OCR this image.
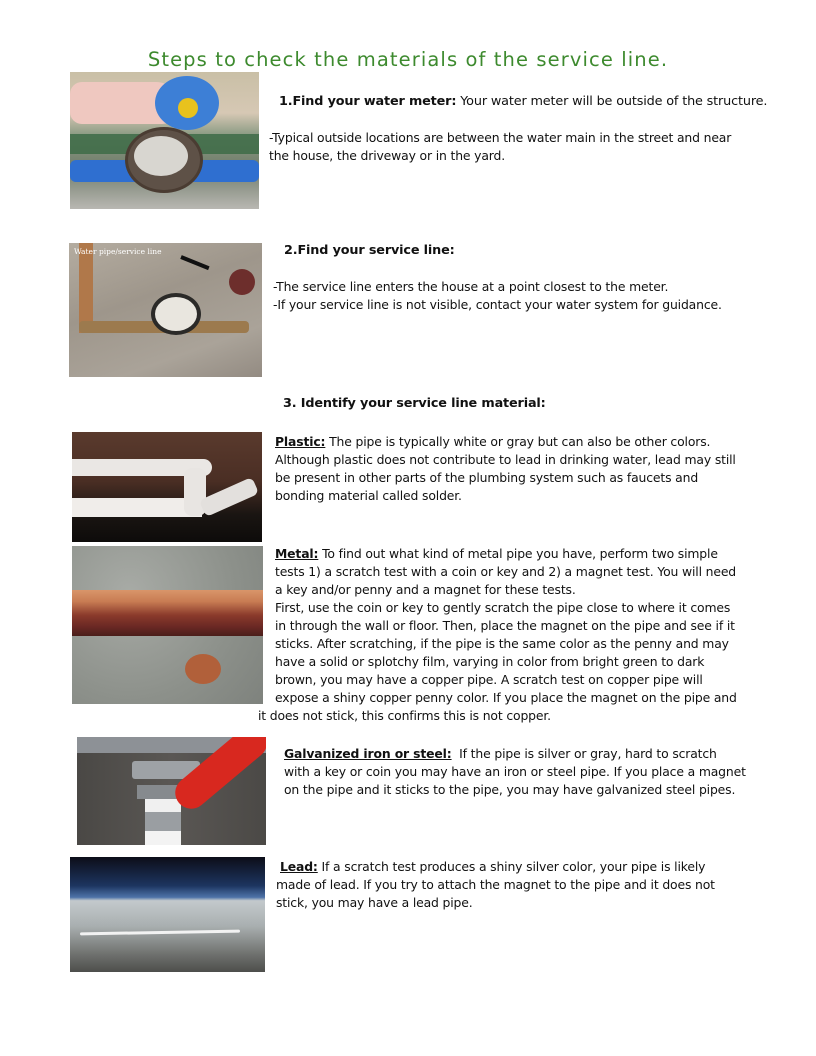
Steps to check the materials of the service line.
1.Find your water meter: Your water meter will be outside of the structure.
-Typical outside locations are between the water main in the street and near
the house, the driveway or in the yard.
Water pipe/service line	2.Find your service line:
-The service line enters the house at a point closest to the meter.
-If your service line is not visible, contact your water system for guidance.
3. Identify your service line material:
Plastic: The pipe is typically white or gray but can also be other colors.
Although plastic does not contribute to lead in drinking water, lead may still
be present in other parts of the plumbing system such as faucets and
bonding material called solder.
Metal: To find out what kind of metal pipe you have, perform two simple
tests 1) a scratch test with a coin or key and 2) a magnet test. You will need
a key and/or penny and a magnet for these tests.
First, use the coin or key to gently scratch the pipe close to where it comes
in through the wall or floor. Then, place the magnet on the pipe and see if it
sticks. After scratching, if the pipe is the same color as the penny and may
have a solid or splotchy film, varying in color from bright green to dark
brown, you may have a copper pipe. A scratch test on copper pipe will
expose a shiny copper penny color. If you place the magnet on the pipe and
it does not stick, this confirms this is not copper.
Galvanized iron or steel:  If the pipe is silver or gray, hard to scratch
with a key or coin you may have an iron or steel pipe. If you place a magnet
on the pipe and it sticks to the pipe, you may have galvanized steel pipes.
Lead: If a scratch test produces a shiny silver color, your pipe is likely
made of lead. If you try to attach the magnet to the pipe and it does not
stick, you may have a lead pipe.
